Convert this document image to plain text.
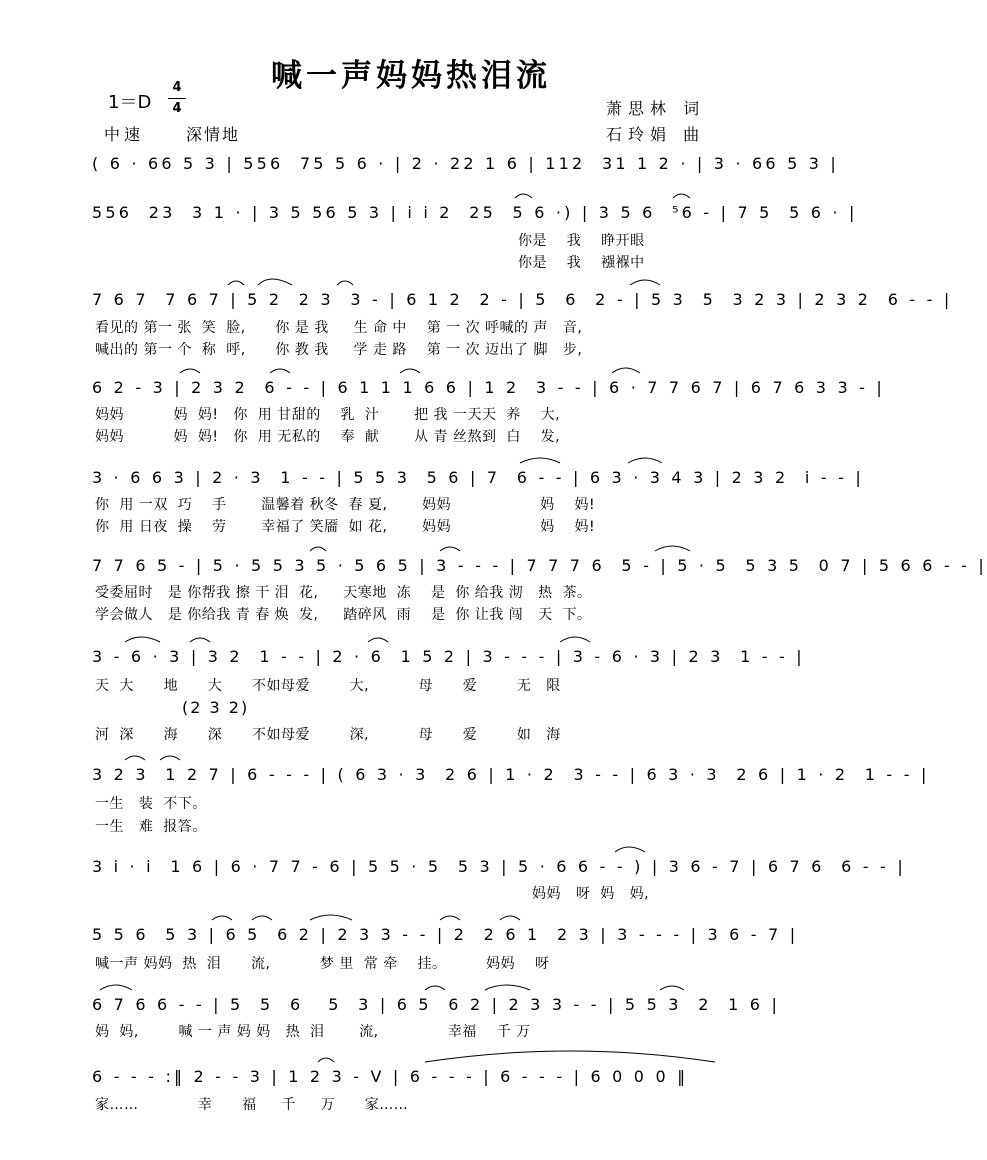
喊一声妈妈热泪流
1＝D
4
4
中速	深情地
萧思林 词
石玲娟 曲
( 6 · 66 5 3 | 556  75 5 6 · | 2 · 22 1 6 | 112  31 1 2 · | 3 · 66 5 3 |
556  23  3 1 · | 3 5 56 5 3 | i i 2  25  5 6 ·) | 3 5 6  ⁵6 - | 7 5  5 6 · |
你是    我    睁开眼
你是    我    襁褓中
7 6 7  7 6 7 | 5 2  2 3  3 - | 6 1 2  2 - | 5  6  2 - | 5 3  5  3 2 3 | 2 3 2  6 - - |
看见的 第一 张  笑  脸,      你 是 我     生 命 中    第 一 次 呼喊的 声   音,
喊出的 第一 个  称  呼,      你 教 我     学 走 路    第 一 次 迈出了 脚   步,
6 2 - 3 | 2 3 2  6 - - | 6 1 1 1 6 6 | 1 2  3 - - | 6 · 7 7 6 7 | 6 7 6 3 3 - |
妈妈          妈  妈!   你  用 甘甜的    乳  汁       把 我 一天天  养    大,
妈妈          妈  妈!   你  用 无私的    奉  献       从 青 丝熬到  白    发,
3 · 6 6 3 | 2 · 3  1 - - | 5 5 3  5 6 | 7  6 - - | 6 3 · 3 4 3 | 2 3 2  i - - |
你  用 一双  巧    手       温馨着 秋冬  春 夏,       妈妈                  妈    妈!
你  用 日夜  操    劳       幸福了 笑靥  如 花,       妈妈                  妈    妈!
7 7 6 5 - | 5 · 5 5 3 5 · 5 6 5 | 3 - - - | 7 7 7 6  5 - | 5 · 5  5 3 5  0 7 | 5 6 6 - - |
受委屈时   是 你帮我 擦 干 泪  花,     天寒地  冻    是  你 给我 沏   热  茶。
学会做人   是 你给我 青 春 焕  发,     踏碎风  雨    是  你 让我 闯   天  下。
3 - 6 · 3 | 3 2  1 - - | 2 · 6  1 5 2 | 3 - - - | 3 - 6 · 3 | 2 3  1 - - |
天  大      地      大      不如母爱        大,          母      爱        无   限
(2 3 2)
河  深      海      深      不如母爱        深,          母      爱        如   海
3 2 3  1 2 7 | 6 - - - | ( 6 3 · 3  2 6 | 1 · 2  3 - - | 6 3 · 3  2 6 | 1 · 2  1 - - |
一生   装  不下。
一生   难  报答。
3 i · i  1 6 | 6 · 7 7 - 6 | 5 5 · 5  5 3 | 5 · 6 6 - - ) | 3 6 - 7 | 6 7 6  6 - - |
妈妈   呀  妈   妈,
5 5 6  5 3 | 6 5  6 2 | 2 3 3 - - | 2  2 6 1  2 3 | 3 - - - | 3 6 - 7 |
喊一声 妈妈  热  泪      流,          梦 里  常 牵    挂。        妈妈    呀
6 7 6 6 - - | 5  5  6   5  3 | 6 5  6 2 | 2 3 3 - - | 5 5 3  2  1 6 |
妈  妈,        喊 一 声 妈 妈   热  泪       流,              幸福    千 万
6 - - - :‖ 2 - - 3 | 1 2 3 - V | 6 - - - | 6 - - - | 6 0 0 0 ‖
家……            幸      福     千     万      家……
